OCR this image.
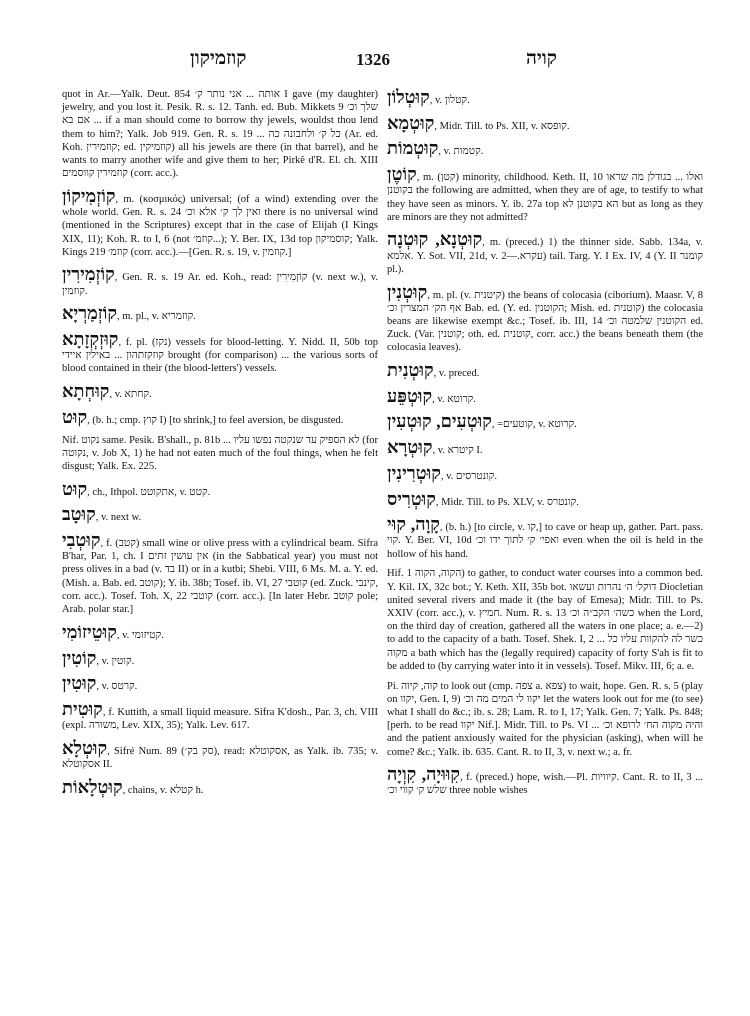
קוזמיקון	1326	קויה

quot in Ar.—Yalk. Deut. 854 אותה ... אני נותר ק׳ I gave (my daughter) jewelry, and you lost it. Pesik. R. s. 12. Tanh. ed. Bub. Mikkets 9 שלך וכ׳ ... אם בא if a man should come to borrow thy jewels, wouldst thou lend them to him?; Yalk. Job 919. Gen. R. s. 19 ... כל ק׳ ולחבונה כה (Ar. ed. Koh. קוזמירין; ed. קוזמיקין) all his jewels are there (in that barrel), and he wants to marry another wife and give them to her; Pirkê d'R. El. ch. XIII קוזמירין קווסמים (corr. acc.).

קוֹזְמִיקוֹן, m. (κοσμικός) universal; (of a wind) extending over the whole world. Gen. R. s. 24 ואין לך ק׳ אלא וכ׳ there is no universal wind (mentioned in the Scriptures) except that in the case of Elijah (I Kings XIX, 11); Koh. R. to I, 6 (not קוזמ׳...); Y. Ber. IX, 13d top קוסמיקון; Yalk. Kings 219 קוזמ׳ (corr. acc.).—[Gen. R. s. 19, v. קוזמין.]

קוֹזְמִירִין, Gen. R. s. 19 Ar. ed. Koh., read: קוֹזְמִירִין (v. next w.), v. קוזמין.

קוֹזְמַרְיָא, m. pl., v. קוזמריא.

קוּזְקְזָתָא, f. pl. (נקז) vessels for blood-letting. Y. Nidd. II, 50b top קוזקזתהון ... באילין איידי brought (for comparison) ... the various sorts of blood contained in their (the blood-letters') vessels.

קוּחְתָא, v. קחתא.

קוּט, (b. h.; cmp. קוץ I) [to shrink,] to feel aversion, be disgusted.

Nif. נקוט same. Pesik. B'shall., p. 81b ... לא הספיק עד שנקטה נפשו עליו (for נקוטה, v. Job X, 1) he had not eaten much of the foul things, when he felt disgust; Yalk. Ex. 225.

קוּט, ch., Ithpol. אתקוטט, v. קטט.

קוּטָב, v. next w.

קוּטְבִי, f. (קטב) small wine or olive press with a cylindrical beam. Sifra B'har, Par. 1, ch. I אין עושין זתים (in the Sabbatical year) you must not press olives in a bad (v. בד II) or in a kutbi; Shebi. VIII, 6 Ms. M. a. Y. ed. (Mish. a. Bab. ed. קוטב); Y. ib. 38b; Tosef. ib. VI, 27 קוטבי (ed. Zuck. קינבי, corr. acc.). Tosef. Toh. X, 22 קוטבי (corr. acc.). [In later Hebr. קוטב pole; Arab. polar star.]

קוּטֵיזוֹמִי, v. קטיזומי.

קוֹטִין, v. קוטין.

קוּטִין, v. קרטס.

קוּטִית, f. Kuttith, a small liquid measure. Sifra K'dosh., Par. 3, ch. VIII (expl. משורה, Lev. XIX, 35); Yalk. Lev. 617.

קוּטְלָא, Sifré Num. 89 (סק בק׳), read: אסקוטלא, as Yalk. ib. 735; v. אסקוטלא II.

קוּטְלָאוֹת, chains, v. קטלא h.

קוּטְלוֹן, v. קטלון.

קוּטְמָא, Midr. Till. to Ps. XII, v. קופסא.

קוּטְמוֹת, v. קטמות.

קוֹטֶן, m. (קטן) minority, childhood. Keth. II, 10 ואלו ... בגודלן מה שראו בקוטנן the following are admitted, when they are of age, to testify to what they have seen as minors. Y. ib. 27a top הא בקוטנן לא but as long as they are minors are they not admitted?

קוּטְנָא, קוּטְנָה, m. (preced.) 1) the thinner side. Sabb. 134a, v. אלמא. Y. Sot. VII, 21d, v. עקרא.—2) tail. Targ. Y. I Ex. IV, 4 (Y. II קומנר pl.).

קוּטְנִין, m. pl. (v. קיטנית) the beans of colocasia (ciborium). Maasr. V, 8 אף הק׳ המצרין וכ׳ Bab. ed. (Y. ed. הקוטנין; Mish. ed. קוטנית) the colocasia beans are likewise exempt &c.; Tosef. ib. III, 14 הקוטנין שלמטה וכ׳ ed. Zuck. (Var. קוטנין; oth. ed. קוטנית, corr. acc.) the beans beneath them (the colocasia leaves).

קוּטְנִית, v. preced.

קוּטְפֵּע, v. קרוטא.

קוּטְעִים, קוּטְעִין, =קוטעים, v. קרוטא.

קוּטְרָא, v. קיטרא I.

קוּטְרִינִין, v. קונטרסים.

קוּטְרִיס, Midr. Till. to Ps. XLV, v. קונטרס.

קָוָה, קוּי, (b. h.) [to circle, v. קו,] to cave or heap up, gather. Part. pass. קוי. Y. Ber. VI, 10d ואפי׳ ק׳ לתוך ידו וכ׳ even when the oil is held in the hollow of his hand.

Hif. הקוה, הקוה 1) to gather, to conduct water courses into a common bed. Y. Kil. IX, 32c bot.; Y. Keth. XII, 35b bot. דוקל׳ ה׳ נהרות ועשאו Diocletian united several rivers and made it (the bay of Emesa); Midr. Till. to Ps. XXIV (corr. acc.), v. חמיץ. Num. R. s. 13 כשה׳ הקב״ה וכ׳ when the Lord, on the third day of creation, gathered all the waters in one place; a. e.—2) to add to the capacity of a bath. Tosef. Shek. I, 2 ... כשר לה להקוות עליו כל מקוה a bath which has the (legally required) capacity of forty S'ah is fit to be added to (by carrying water into it in vessels). Tosef. Mikv. III, 6; a. e.

Pi. קוה, קיוה to look out (cmp. צפה a. צפא) to wait, hope. Gen. R. s. 5 (play on יקוו, Gen. I, 9) יקוו לי המים מה וכ׳ let the waters look out for me (to see) what I shall do &c.; ib. s. 28; Lam. R. to I, 17; Yalk. Gen. 7; Yalk. Ps. 848; [perh. to be read יקוו Nif.]. Midr. Till. to Ps. VI ... והיה מקוה הח׳ לרופא וכ׳ and the patient anxiously waited for the physician (asking), when will he come? &c.; Yalk. ib. 635. Cant. R. to II, 3, v. next w.; a. fr.

קִוּוּיָה, קִוְיָה, f. (preced.) hope, wish.—Pl. קיוויות. Cant. R. to II, 3 ... שלש ק׳ קווי וכ׳ three noble wishes
